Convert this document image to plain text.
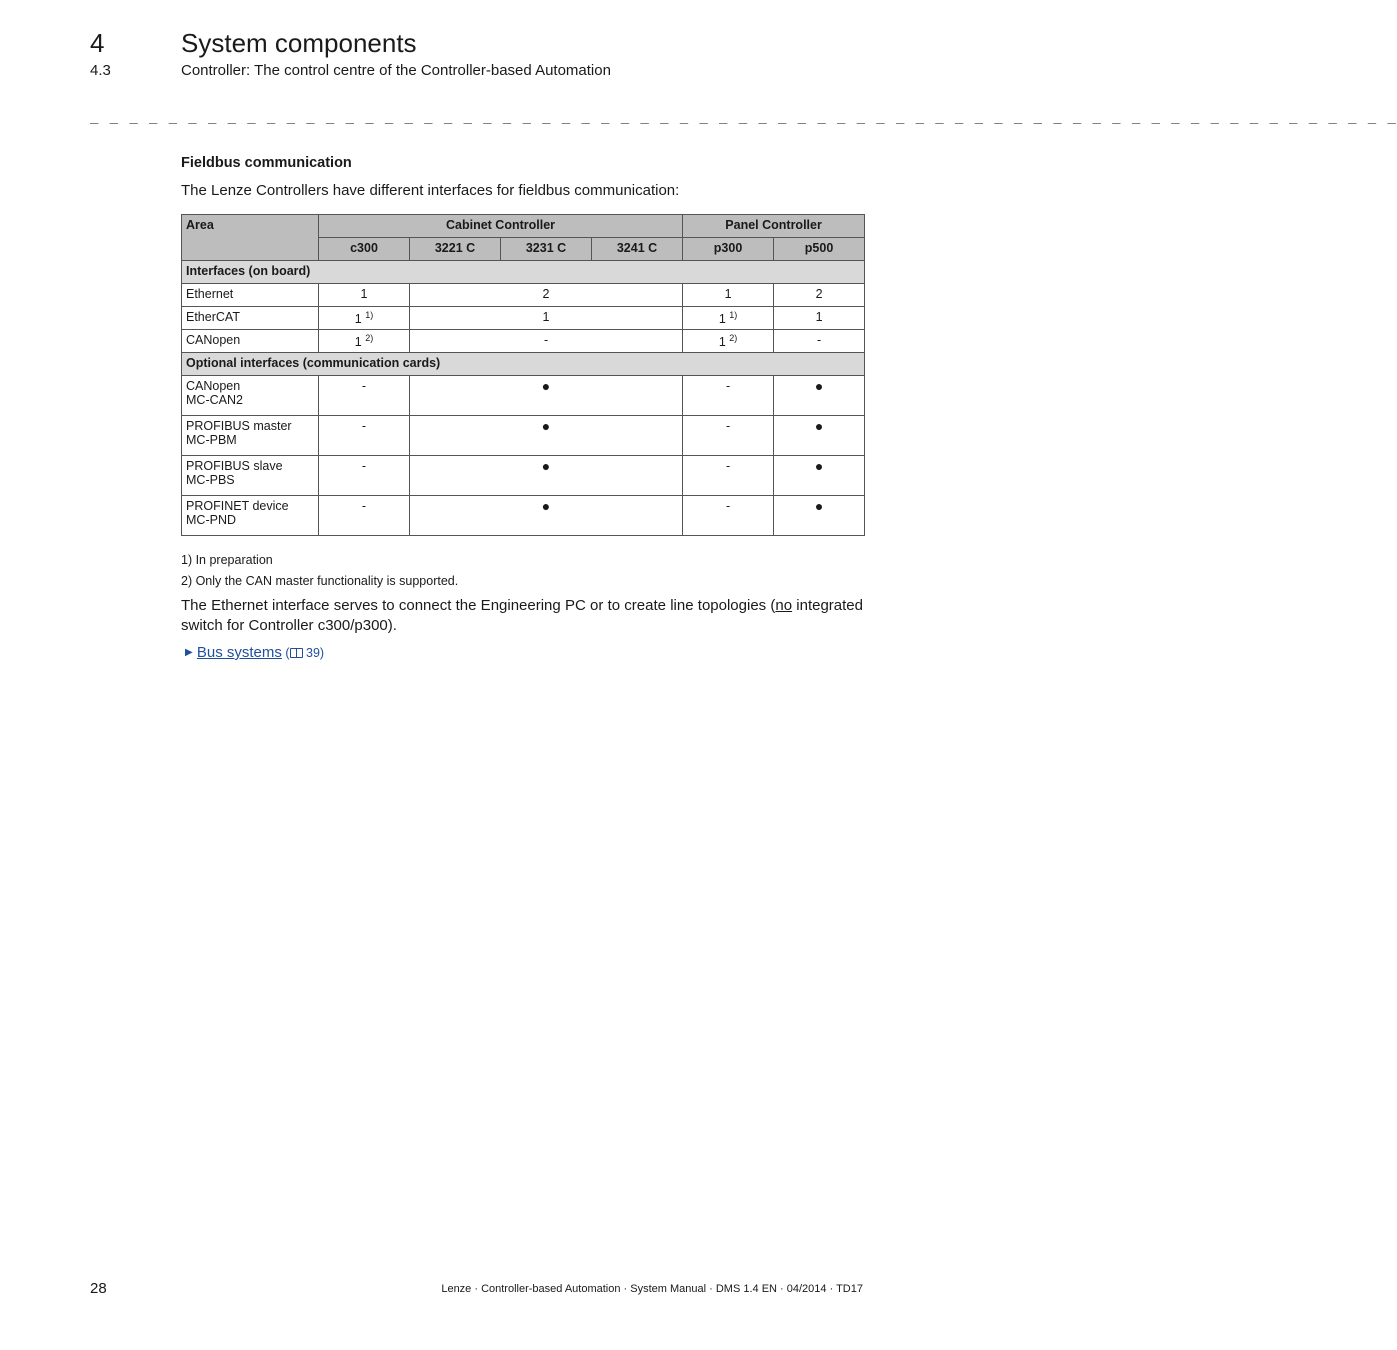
4	System components
4.3	Controller: The control centre of the Controller-based Automation
_ _ _ _ _ _ _ _ _ _ _ _ _ _ _ _ _ _ _ _ _ _ _ _ _ _ _ _ _ _ _ _ _ _ _ _ _ _ _ _ _ _ _ _ _ _ _ _ _ _ _ _ _ _ _ _ _ _ _ _ _ _ _ _ _ _ _
Fieldbus communication
The Lenze Controllers have different interfaces for fieldbus communication:
Area	Cabinet Controller				Panel Controller	
	c300	3221 C	3231 C	3241 C	p300	p500
Interfaces (on board)						
Ethernet	1	2			1	2
EtherCAT	1 $^{1)}$	1			1 $^{1)}$	1
CANopen	1 $^{2)}$	-			1 $^{2)}$	-
Optional interfaces (communication cards)						
CANopen
MC-CAN2	-	●			-	●
PROFIBUS master
MC-PBM	-	●			-	●
PROFIBUS slave
MC-PBS	-	●			-	●
PROFINET device
MC-PND	-	●			-	●
1) In preparation
2) Only the CAN master functionality is supported.
The Ethernet interface serves to connect the Engineering PC or to create line topologies (no integrated switch for Controller c300/p300).
▶ Bus systems ( 39)
28	Lenze · Controller-based Automation · System Manual · DMS 1.4 EN · 04/2014 · TD17
